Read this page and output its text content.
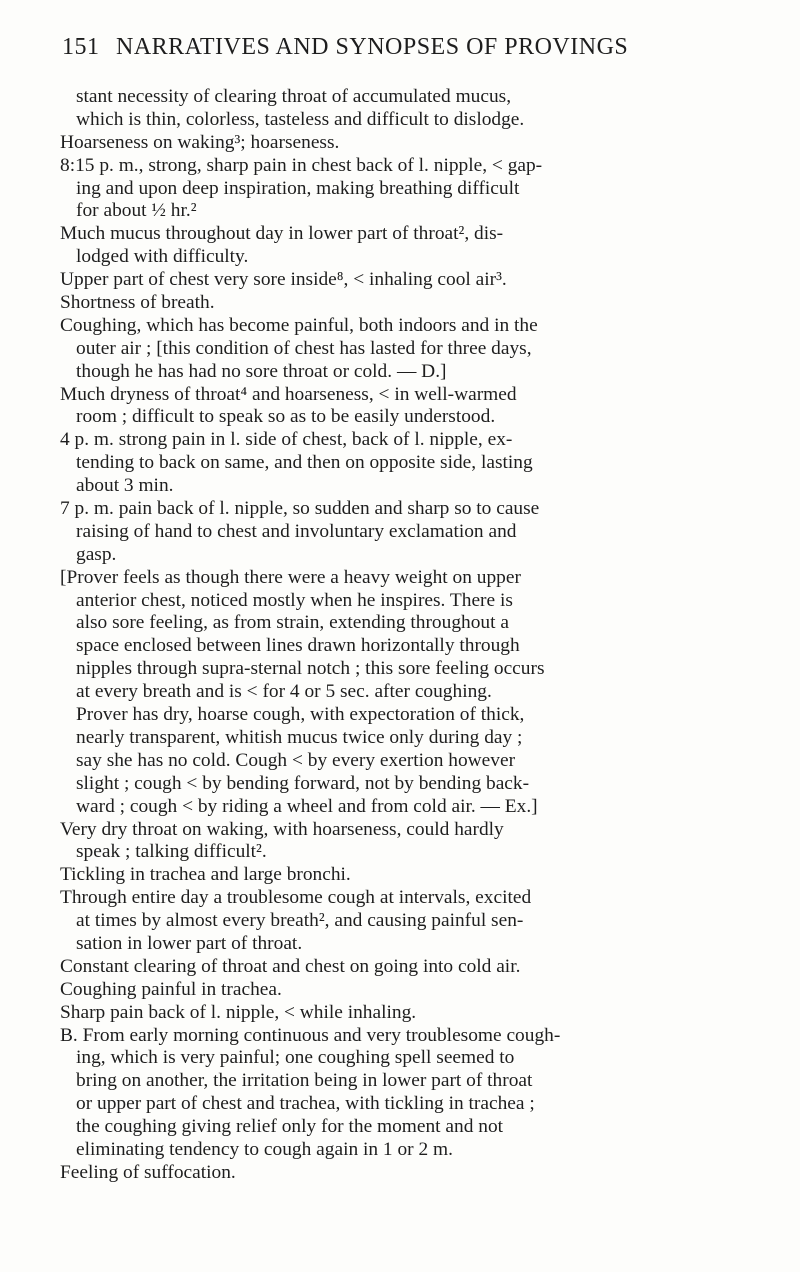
151 NARRATIVES AND SYNOPSES OF PROVINGS
stant necessity of clearing throat of accumulated mucus,
which is thin, colorless, tasteless and difficult to dislodge.
Hoarseness on waking³; hoarseness.
8:15 p. m., strong, sharp pain in chest back of l. nipple, < gap-
ing and upon deep inspiration, making breathing difficult
for about ½ hr.²
Much mucus throughout day in lower part of throat², dis-
lodged with difficulty.
Upper part of chest very sore inside⁸, < inhaling cool air³.
Shortness of breath.
Coughing, which has become painful, both indoors and in the
outer air ; [this condition of chest has lasted for three days,
though he has had no sore throat or cold. — D.]
Much dryness of throat⁴ and hoarseness, < in well-warmed
room ; difficult to speak so as to be easily understood.
4 p. m. strong pain in l. side of chest, back of l. nipple, ex-
tending to back on same, and then on opposite side, lasting
about 3 min.
7 p. m. pain back of l. nipple, so sudden and sharp so to cause
raising of hand to chest and involuntary exclamation and
gasp.
[Prover feels as though there were a heavy weight on upper
anterior chest, noticed mostly when he inspires. There is
also sore feeling, as from strain, extending throughout a
space enclosed between lines drawn horizontally through
nipples through supra-sternal notch ; this sore feeling occurs
at every breath and is < for 4 or 5 sec. after coughing.
Prover has dry, hoarse cough, with expectoration of thick,
nearly transparent, whitish mucus twice only during day ;
say she has no cold. Cough < by every exertion however
slight ; cough < by bending forward, not by bending back-
ward ; cough < by riding a wheel and from cold air. — Ex.]
Very dry throat on waking, with hoarseness, could hardly
speak ; talking difficult².
Tickling in trachea and large bronchi.
Through entire day a troublesome cough at intervals, excited
at times by almost every breath², and causing painful sen-
sation in lower part of throat.
Constant clearing of throat and chest on going into cold air.
Coughing painful in trachea.
Sharp pain back of l. nipple, < while inhaling.
B. From early morning continuous and very troublesome cough-
ing, which is very painful; one coughing spell seemed to
bring on another, the irritation being in lower part of throat
or upper part of chest and trachea, with tickling in trachea ;
the coughing giving relief only for the moment and not
eliminating tendency to cough again in 1 or 2 m.
Feeling of suffocation.
